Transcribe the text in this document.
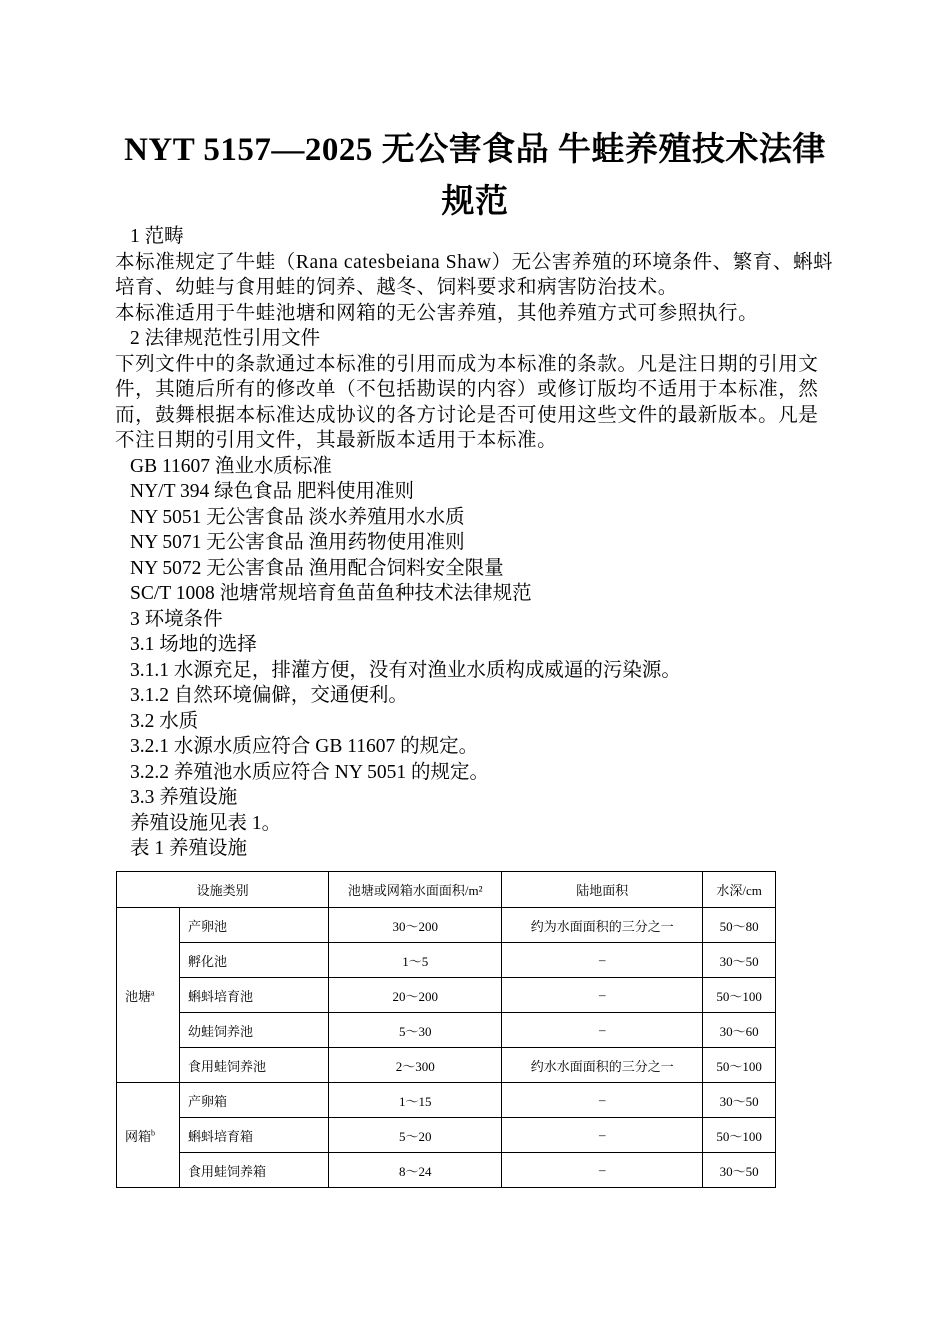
NYT 5157—2025 无公害食品 牛蛙养殖技术法律规范
1 范畴
本标准规定了牛蛙（Rana catesbeiana Shaw）无公害养殖的环境条件、繁育、蝌蚪培育、幼蛙与食用蛙的饲养、越冬、饲料要求和病害防治技术。
本标准适用于牛蛙池塘和网箱的无公害养殖，其他养殖方式可参照执行。
2 法律规范性引用文件
下列文件中的条款通过本标准的引用而成为本标准的条款。凡是注日期的引用文件，其随后所有的修改单（不包括勘误的内容）或修订版均不适用于本标准，然而，鼓舞根据本标准达成协议的各方讨论是否可使用这些文件的最新版本。凡是不注日期的引用文件，其最新版本适用于本标准。
GB 11607 渔业水质标准
NY/T 394 绿色食品 肥料使用准则
NY 5051 无公害食品 淡水养殖用水水质
NY 5071 无公害食品 渔用药物使用准则
NY 5072 无公害食品 渔用配合饲料安全限量
SC/T 1008 池塘常规培育鱼苗鱼种技术法律规范
3 环境条件
3.1 场地的选择
3.1.1 水源充足，排灌方便，没有对渔业水质构成威逼的污染源。
3.1.2 自然环境偏僻，交通便利。
3.2 水质
3.2.1 水源水质应符合 GB 11607 的规定。
3.2.2 养殖池水质应符合 NY 5051 的规定。
3.3 养殖设施
养殖设施见表 1。
表 1 养殖设施
设施类别		池塘或网箱水面面积/m²	陆地面积	水深/cm
池塘$^a$	产卵池	30～200	约为水面面积的三分之一	50～80
	孵化池	1～5	–	30～50
	蝌蚪培育池	20～200	–	50～100
	幼蛙饲养池	5～30	–	30～60
	食用蛙饲养池	2～300	约水水面面积的三分之一	50～100
网箱$^b$	产卵箱	1～15	–	30～50
	蝌蚪培育箱	5～20	–	50～100
	食用蛙饲养箱	8～24	–	30～50
